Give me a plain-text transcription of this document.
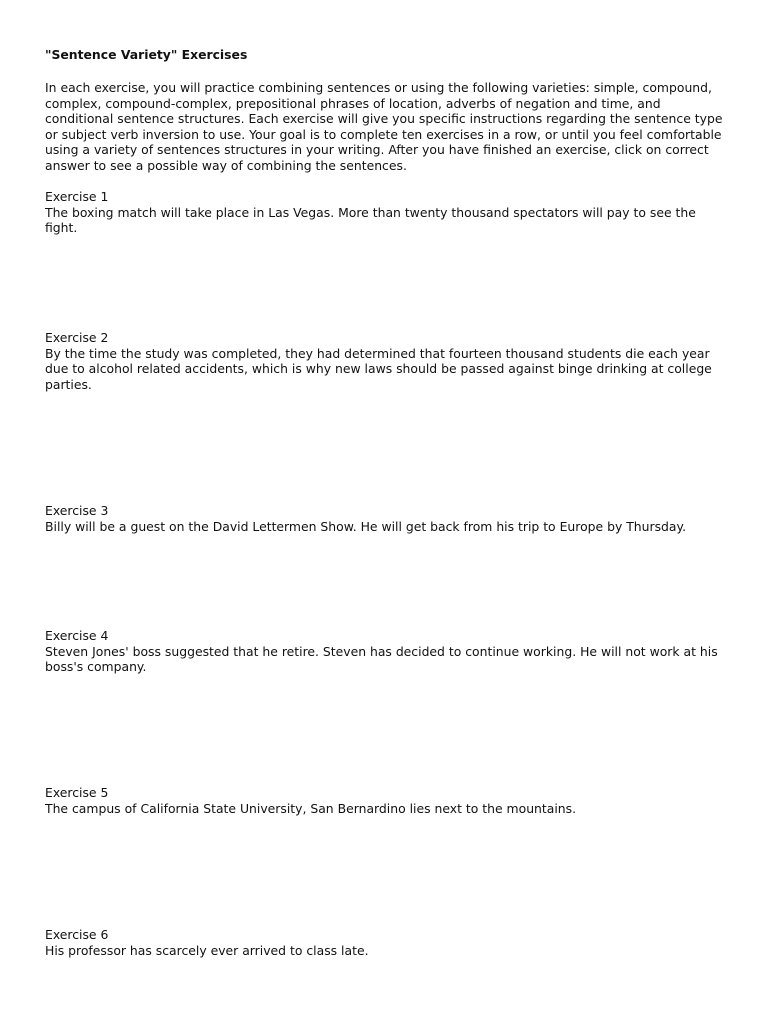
"Sentence Variety" Exercises
In each exercise, you will practice combining sentences or using the following varieties: simple, compound, complex, compound-complex, prepositional phrases of location, adverbs of negation and time, and conditional sentence structures. Each exercise will give you specific instructions regarding the sentence type or subject verb inversion to use. Your goal is to complete ten exercises in a row, or until you feel comfortable using a variety of sentences structures in your writing. After you have finished an exercise, click on correct answer to see a possible way of combining the sentences.
Exercise 1
The boxing match will take place in Las Vegas. More than twenty thousand spectators will pay to see the fight.
Exercise 2
By the time the study was completed, they had determined that fourteen thousand students die each year due to alcohol related accidents, which is why new laws should be passed against binge drinking at college parties.
Exercise 3
Billy will be a guest on the David Lettermen Show. He will get back from his trip to Europe by Thursday.
Exercise 4
Steven Jones' boss suggested that he retire. Steven has decided to continue working. He will not work at his boss's company.
Exercise 5
The campus of California State University, San Bernardino lies next to the mountains.
Exercise 6
His professor has scarcely ever arrived to class late.
